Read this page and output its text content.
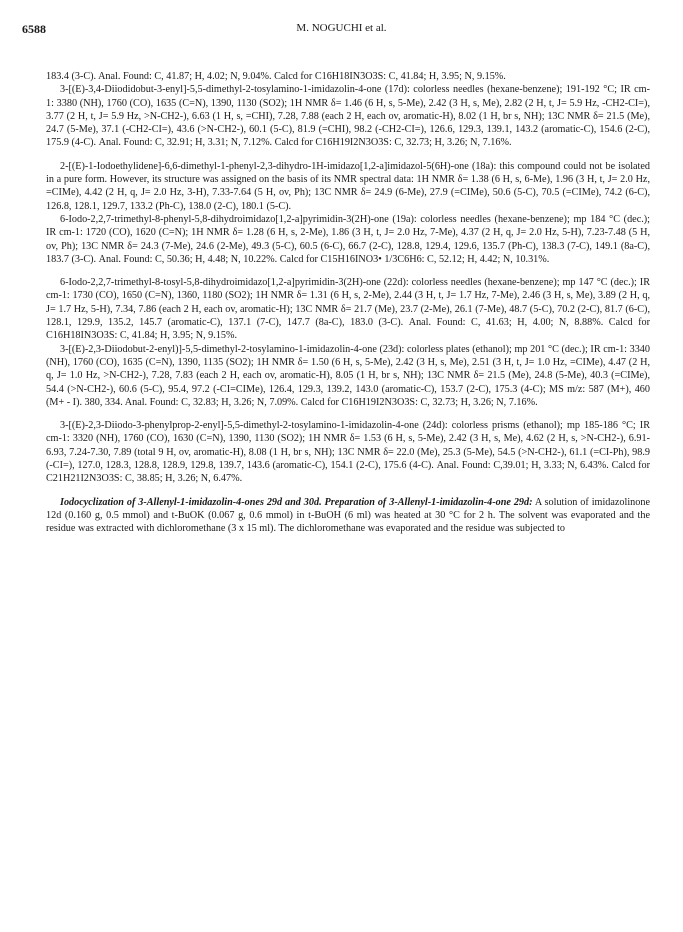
6588	M. NOGUCHI et al.

183.4 (3-C). Anal. Found: C, 41.87; H, 4.02; N, 9.04%. Calcd for C16H18IN3O3S: C, 41.84; H, 3.95; N, 9.15%.

3-[(E)-3,4-Diiodidobut-3-enyl]-5,5-dimethyl-2-tosylamino-1-imidazolin-4-one (17d): colorless needles (hexane-benzene); 191-192 °C; IR cm-1: 3380 (NH), 1760 (CO), 1635 (C=N), 1390, 1130 (SO2); 1H NMR δ= 1.46 (6 H, s, 5-Me), 2.42 (3 H, s, Me), 2.82 (2 H, t, J= 5.9 Hz, -CH2-CI=), 3.77 (2 H, t, J= 5.9 Hz, >N-CH2-), 6.63 (1 H, s, =CHI), 7.28, 7.88 (each 2 H, each ov, aromatic-H), 8.02 (1 H, br s, NH); 13C NMR δ= 21.5 (Me), 24.7 (5-Me), 37.1 (-CH2-CI=), 43.6 (>N-CH2-), 60.1 (5-C), 81.9 (=CHI), 98.2 (-CH2-CI=), 126.6, 129.3, 139.1, 143.2 (aromatic-C), 154.6 (2-C), 175.9 (4-C). Anal. Found: C, 32.91; H, 3.31; N, 7.12%. Calcd for C16H19I2N3O3S: C, 32.73; H, 3.26; N, 7.16%.

2-[(E)-1-Iodoethylidene]-6,6-dimethyl-1-phenyl-2,3-dihydro-1H-imidazo[1,2-a]imidazol-5(6H)-one (18a): this compound could not be isolated in a pure form. However, its structure was assigned on the basis of its NMR spectral data: 1H NMR δ= 1.38 (6 H, s, 6-Me), 1.96 (3 H, t, J= 2.0 Hz, =CIMe), 4.42 (2 H, q, J= 2.0 Hz, 3-H), 7.33-7.64 (5 H, ov, Ph); 13C NMR δ= 24.9 (6-Me), 27.9 (=CIMe), 50.6 (5-C), 70.5 (=CIMe), 74.2 (6-C), 126.8, 128.1, 129.7, 133.2 (Ph-C), 138.0 (2-C), 180.1 (5-C).

6-Iodo-2,2,7-trimethyl-8-phenyl-5,8-dihydroimidazo[1,2-a]pyrimidin-3(2H)-one (19a): colorless needles (hexane-benzene); mp 184 °C (dec.); IR cm-1: 1720 (CO), 1620 (C=N); 1H NMR δ= 1.28 (6 H, s, 2-Me), 1.86 (3 H, t, J= 2.0 Hz, 7-Me), 4.37 (2 H, q, J= 2.0 Hz, 5-H), 7.23-7.48 (5 H, ov, Ph); 13C NMR δ= 24.3 (7-Me), 24.6 (2-Me), 49.3 (5-C), 60.5 (6-C), 66.7 (2-C), 128.8, 129.4, 129.6, 135.7 (Ph-C), 138.3 (7-C), 149.1 (8a-C), 183.7 (3-C). Anal. Found: C, 50.36; H, 4.48; N, 10.22%. Calcd for C15H16INO3• 1/3C6H6: C, 52.12; H, 4.42; N, 10.31%.

6-Iodo-2,2,7-trimethyl-8-tosyl-5,8-dihydroimidazo[1,2-a]pyrimidin-3(2H)-one (22d): colorless needles (hexane-benzene); mp 147 °C (dec.); IR cm-1: 1730 (CO), 1650 (C=N), 1360, 1180 (SO2); 1H NMR δ= 1.31 (6 H, s, 2-Me), 2.44 (3 H, t, J= 1.7 Hz, 7-Me), 2.46 (3 H, s, Me), 3.89 (2 H, q, J= 1.7 Hz, 5-H), 7.34, 7.86 (each 2 H, each ov, aromatic-H); 13C NMR δ= 21.7 (Me), 23.7 (2-Me), 26.1 (7-Me), 48.7 (5-C), 70.2 (2-C), 81.7 (6-C), 128.1, 129.9, 135.2, 145.7 (aromatic-C), 137.1 (7-C), 147.7 (8a-C), 183.0 (3-C). Anal. Found: C, 41.63; H, 4.00; N, 8.88%. Calcd for C16H18IN3O3S: C, 41.84; H, 3.95; N, 9.15%.

3-[(E)-2,3-Diiodobut-2-enyl)]-5,5-dimethyl-2-tosylamino-1-imidazolin-4-one (23d): colorless plates (ethanol); mp 201 °C (dec.); IR cm-1: 3340 (NH), 1760 (CO), 1635 (C=N), 1390, 1135 (SO2); 1H NMR δ= 1.50 (6 H, s, 5-Me), 2.42 (3 H, s, Me), 2.51 (3 H, t, J= 1.0 Hz, =CIMe), 4.47 (2 H, q, J= 1.0 Hz, >N-CH2-), 7.28, 7.83 (each 2 H, each ov, aromatic-H), 8.05 (1 H, br s, NH); 13C NMR δ= 21.5 (Me), 24.8 (5-Me), 40.3 (=CIMe), 54.4 (>N-CH2-), 60.6 (5-C), 95.4, 97.2 (-CI=CIMe), 126.4, 129.3, 139.2, 143.0 (aromatic-C), 153.7 (2-C), 175.3 (4-C); MS m/z: 587 (M+), 460 (M+ - I). 380, 334. Anal. Found: C, 32.83; H, 3.26; N, 7.09%. Calcd for C16H19I2N3O3S: C, 32.73; H, 3.26; N, 7.16%.

3-[(E)-2,3-Diiodo-3-phenylprop-2-enyl]-5,5-dimethyl-2-tosylamino-1-imidazolin-4-one (24d): colorless prisms (ethanol); mp 185-186 °C; IR cm-1: 3320 (NH), 1760 (CO), 1630 (C=N), 1390, 1130 (SO2); 1H NMR δ= 1.53 (6 H, s, 5-Me), 2.42 (3 H, s, Me), 4.62 (2 H, s, >N-CH2-), 6.91-6.93, 7.24-7.30, 7.89 (total 9 H, ov, aromatic-H), 8.08 (1 H, br s, NH); 13C NMR δ= 22.0 (Me), 25.3 (5-Me), 54.5 (>N-CH2-), 61.1 (=CI-Ph), 98.9 (-CI=), 127.0, 128.3, 128.8, 128.9, 129.8, 139.7, 143.6 (aromatic-C), 154.1 (2-C), 175.6 (4-C). Anal. Found: C,39.01; H, 3.33; N, 6.43%. Calcd for C21H21I2N3O3S: C, 38.85; H, 3.26; N, 6.47%.

Iodocyclization of 3-Allenyl-1-imidazolin-4-ones 29d and 30d. Preparation of 3-Allenyl-1-imidazolin-4-one 29d: A solution of imidazolinone 12d (0.160 g, 0.5 mmol) and t-BuOK (0.067 g, 0.6 mmol) in t-BuOH (6 ml) was heated at 30 °C for 2 h. The solvent was evaporated and the residue was extracted with dichloromethane (3 x 15 ml). The dichloromethane was evaporated and the residue was subjected to
